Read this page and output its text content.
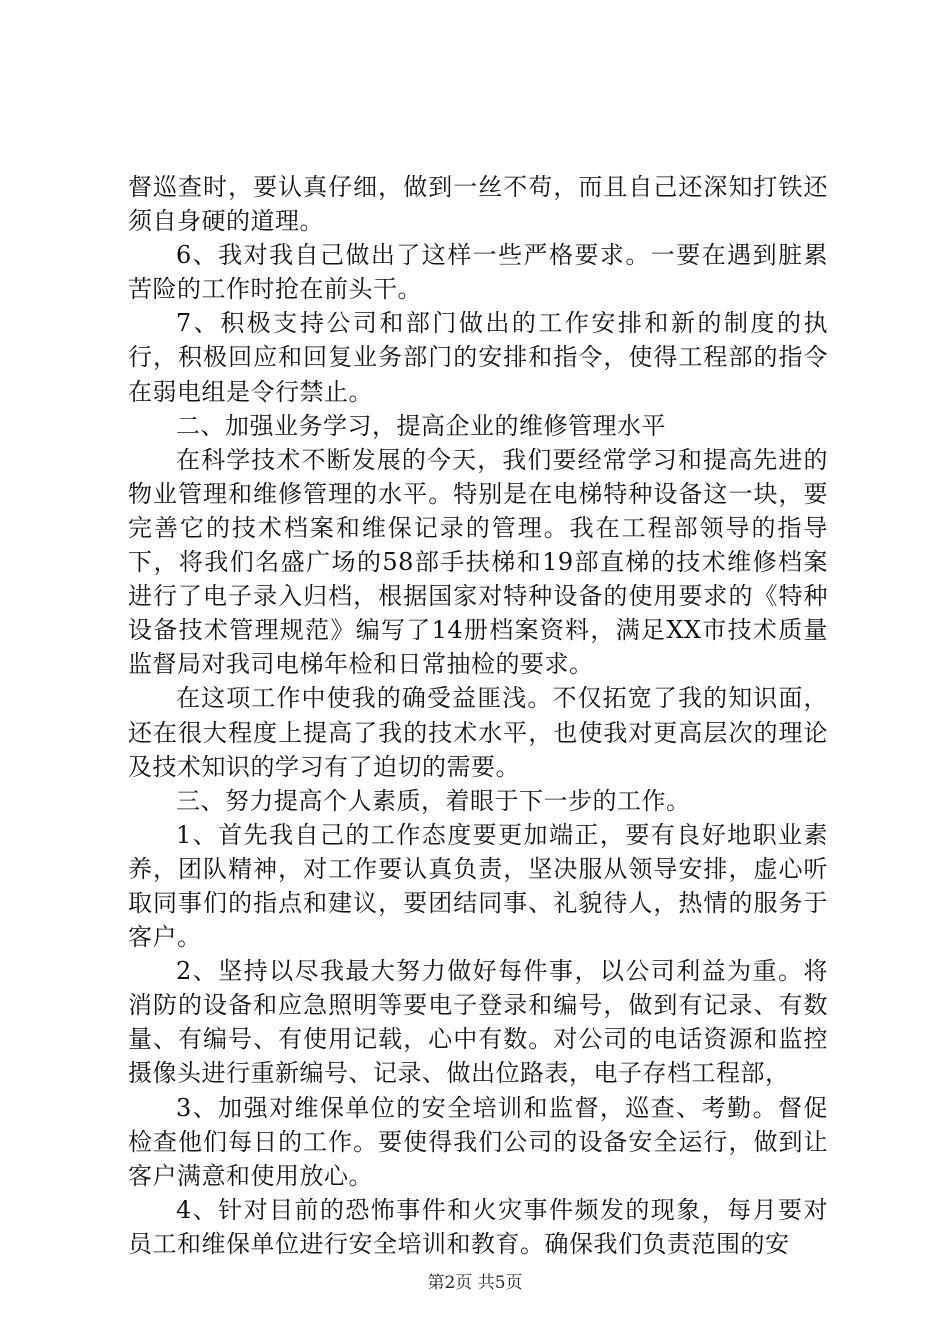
督巡查时，要认真仔细，做到一丝不苟，而且自己还深知打铁还须自身硬的道理。

6、我对我自己做出了这样一些严格要求。一要在遇到脏累苦险的工作时抢在前头干。

7、积极支持公司和部门做出的工作安排和新的制度的执行，积极回应和回复业务部门的安排和指令，使得工程部的指令在弱电组是令行禁止。

二、加强业务学习，提高企业的维修管理水平

在科学技术不断发展的今天，我们要经常学习和提高先进的物业管理和维修管理的水平。特别是在电梯特种设备这一块，要完善它的技术档案和维保记录的管理。我在工程部领导的指导下，将我们名盛广场的58部手扶梯和19部直梯的技术维修档案进行了电子录入归档，根据国家对特种设备的使用要求的《特种设备技术管理规范》编写了14册档案资料，满足XX市技术质量监督局对我司电梯年检和日常抽检的要求。

在这项工作中使我的确受益匪浅。不仅拓宽了我的知识面，还在很大程度上提高了我的技术水平，也使我对更高层次的理论及技术知识的学习有了迫切的需要。

三、努力提高个人素质，着眼于下一步的工作。

1、首先我自己的工作态度要更加端正，要有良好地职业素养，团队精神，对工作要认真负责，坚决服从领导安排，虚心听取同事们的指点和建议，要团结同事、礼貌待人，热情的服务于客户。

2、坚持以尽我最大努力做好每件事，以公司利益为重。将消防的设备和应急照明等要电子登录和编号，做到有记录、有数量、有编号、有使用记载，心中有数。对公司的电话资源和监控摄像头进行重新编号、记录、做出位路表，电子存档工程部，

3、加强对维保单位的安全培训和监督，巡查、考勤。督促检查他们每日的工作。要使得我们公司的设备安全运行，做到让客户满意和使用放心。

4、针对目前的恐怖事件和火灾事件频发的现象，每月要对员工和维保单位进行安全培训和教育。确保我们负责范围的安

第2页 共5页
